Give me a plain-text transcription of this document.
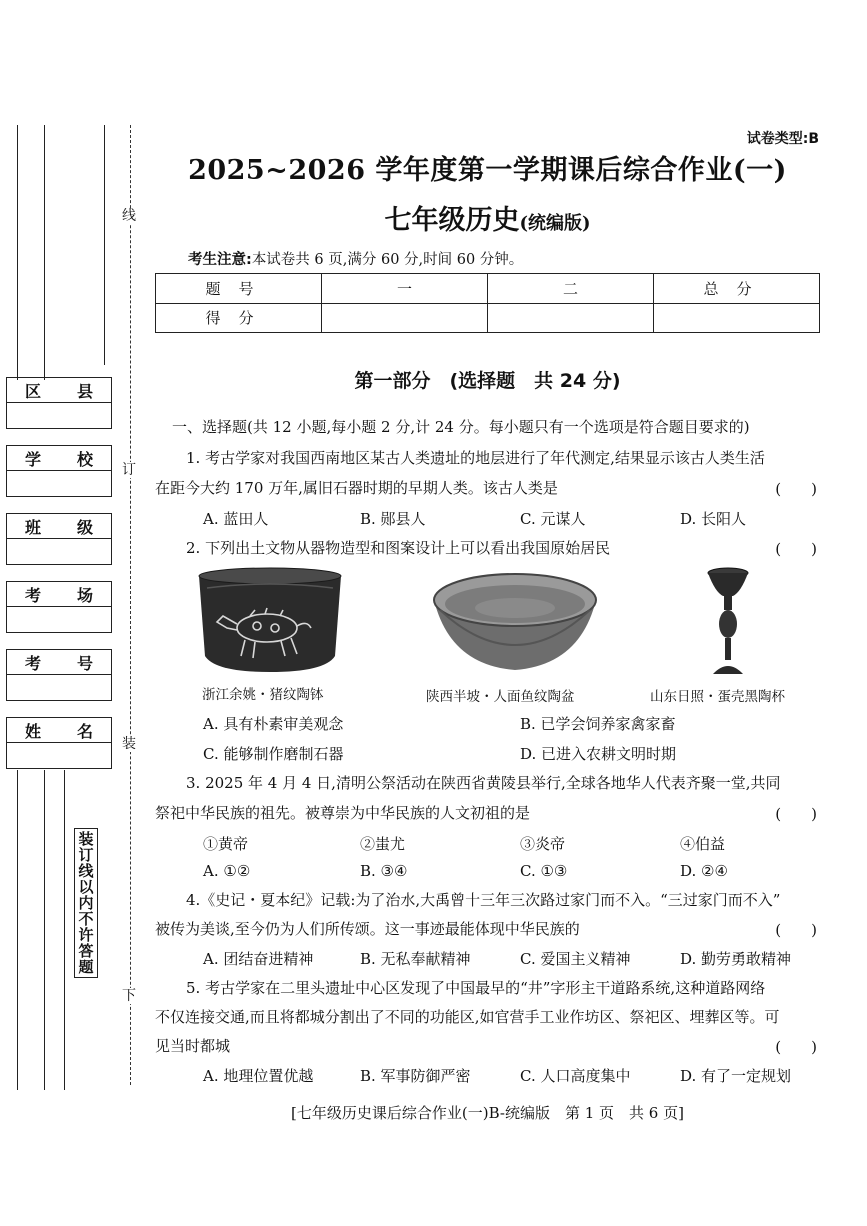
线
订
装
下
区 县
学 校
班 级
考 场
考 号
姓 名
装订线以内不许答题
试卷类型:B
2025~2026 学年度第一学期课后综合作业(一)
七年级历史(统编版)
考生注意:本试卷共 6 页,满分 60 分,时间 60 分钟。
题号	一	二	总分
得分			
第一部分　(选择题　共 24 分)
一、选择题(共 12 小题,每小题 2 分,计 24 分。每小题只有一个选项是符合题目要求的)
1. 考古学家对我国西南地区某古人类遗址的地层进行了年代测定,结果显示该古人类生活
在距今大约 170 万年,属旧石器时期的早期人类。该古人类是	(　　)
A. 蓝田人	B. 郧县人	C. 元谋人	D. 长阳人
2. 下列出土文物从器物造型和图案设计上可以看出我国原始居民	(　　)
浙江余姚・猪纹陶钵	陕西半坡・人面鱼纹陶盆	山东日照・蛋壳黑陶杯
A. 具有朴素审美观念	B. 已学会饲养家禽家畜
C. 能够制作磨制石器	D. 已进入农耕文明时期
3. 2025 年 4 月 4 日,清明公祭活动在陕西省黄陵县举行,全球各地华人代表齐聚一堂,共同
祭祀中华民族的祖先。被尊崇为中华民族的人文初祖的是	(　　)
①黄帝	②蚩尤	③炎帝	④伯益
A. ①②	B. ③④	C. ①③	D. ②④
4.《史记・夏本纪》记载:为了治水,大禹曾十三年三次路过家门而不入。“三过家门而不入”
被传为美谈,至今仍为人们所传颂。这一事迹最能体现中华民族的	(　　)
A. 团结奋进精神	B. 无私奉献精神	C. 爱国主义精神	D. 勤劳勇敢精神
5. 考古学家在二里头遗址中心区发现了中国最早的“井”字形主干道路系统,这种道路网络
不仅连接交通,而且将都城分割出了不同的功能区,如官营手工业作坊区、祭祀区、埋葬区等。可
见当时都城	(　　)
A. 地理位置优越	B. 军事防御严密	C. 人口高度集中	D. 有了一定规划
[七年级历史课后综合作业(一)B-统编版　第 1 页　共 6 页]
